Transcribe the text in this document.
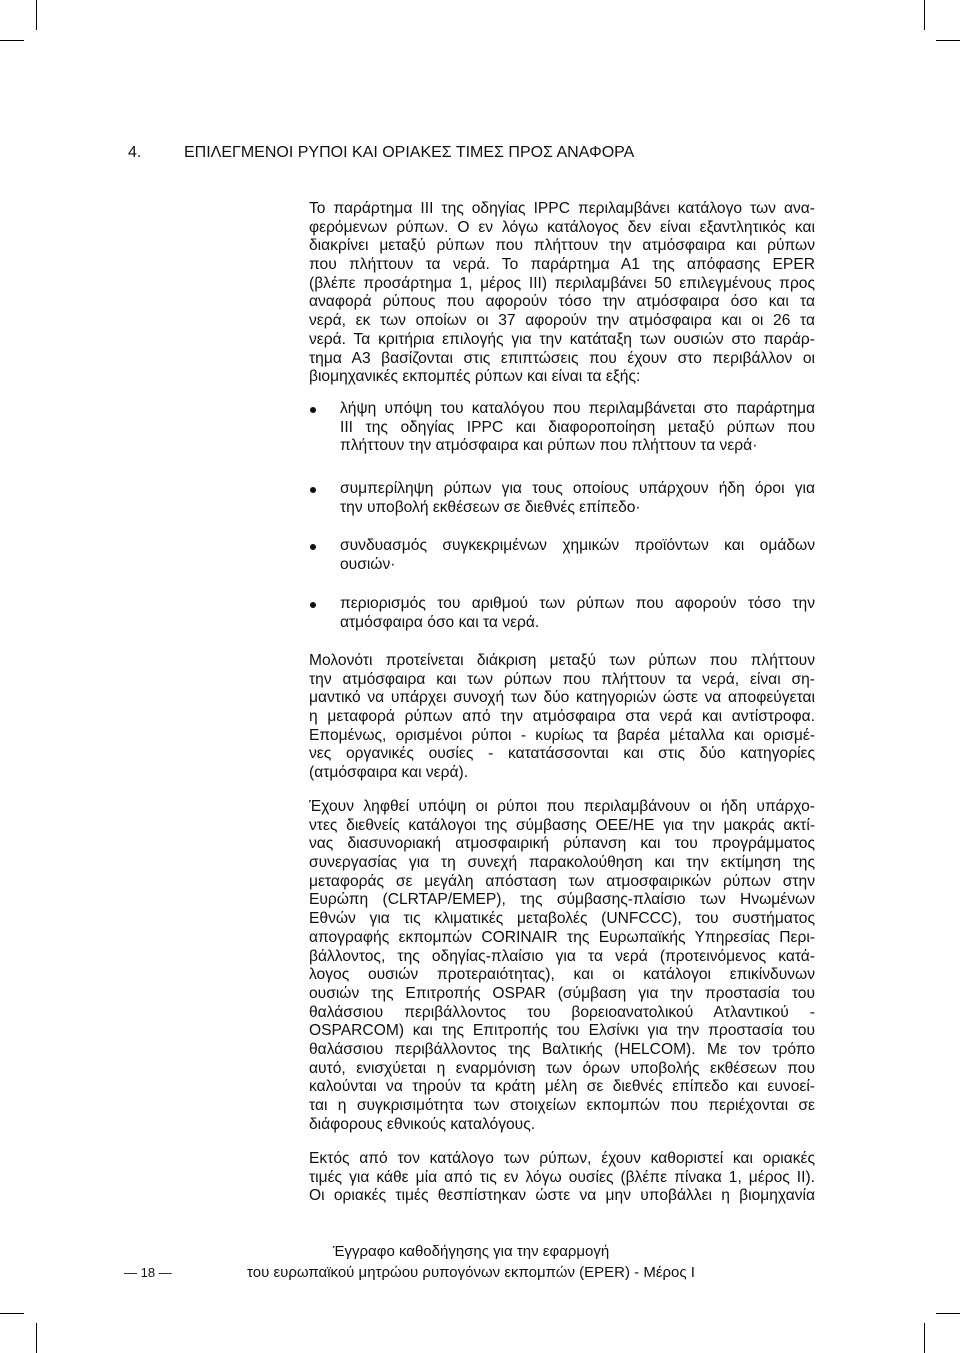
4.	ΕΠΙΛΕΓΜΕΝΟΙ ΡΥΠΟΙ ΚΑΙ ΟΡΙΑΚΕΣ ΤΙΜΕΣ ΠΡΟΣ ΑΝΑΦΟΡΑ
Το παράρτημα III της οδηγίας IPPC περιλαμβάνει κατάλογο των ανα-
φερόμενων ρύπων. Ο εν λόγω κατάλογος δεν είναι εξαντλητικός και
διακρίνει μεταξύ ρύπων που πλήττουν την ατμόσφαιρα και ρύπων
που πλήττουν τα νερά. Το παράρτημα Α1 της απόφασης EPER
(βλέπε προσάρτημα 1, μέρος III) περιλαμβάνει 50 επιλεγμένους προς
αναφορά ρύπους που αφορούν τόσο την ατμόσφαιρα όσο και τα
νερά, εκ των οποίων οι 37 αφορούν την ατμόσφαιρα και οι 26 τα
νερά. Τα κριτήρια επιλογής για την κατάταξη των ουσιών στο παράρ-
τημα Α3 βασίζονται στις επιπτώσεις που έχουν στο περιβάλλον οι
βιομηχανικές εκπομπές ρύπων και είναι τα εξής:
λήψη υπόψη του καταλόγου που περιλαμβάνεται στο παράρτημα
III της οδηγίας IPPC και διαφοροποίηση μεταξύ ρύπων που
πλήττουν την ατμόσφαιρα και ρύπων που πλήττουν τα νερά·
συμπερίληψη ρύπων για τους οποίους υπάρχουν ήδη όροι για
την υποβολή εκθέσεων σε διεθνές επίπεδο·
συνδυασμός συγκεκριμένων χημικών προϊόντων και ομάδων
ουσιών·
περιορισμός του αριθμού των ρύπων που αφορούν τόσο την
ατμόσφαιρα όσο και τα νερά.
Μολονότι προτείνεται διάκριση μεταξύ των ρύπων που πλήττουν
την ατμόσφαιρα και των ρύπων που πλήττουν τα νερά, είναι ση-
μαντικό να υπάρχει συνοχή των δύο κατηγοριών ώστε να αποφεύγεται
η μεταφορά ρύπων από την ατμόσφαιρα στα νερά και αντίστροφα.
Επομένως, ορισμένοι ρύποι - κυρίως τα βαρέα μέταλλα και ορισμέ-
νες οργανικές ουσίες - κατατάσσονται και στις δύο κατηγορίες
(ατμόσφαιρα και νερά).
Έχουν ληφθεί υπόψη οι ρύποι που περιλαμβάνουν οι ήδη υπάρχο-
ντες διεθνείς κατάλογοι της σύμβασης ΟΕΕ/ΗΕ για την μακράς ακτί-
νας διασυνοριακή ατμοσφαιρική ρύπανση και του προγράμματος
συνεργασίας για τη συνεχή παρακολούθηση και την εκτίμηση της
μεταφοράς σε μεγάλη απόσταση των ατμοσφαιρικών ρύπων στην
Ευρώπη (CLRTAP/EMEP), της σύμβασης-πλαίσιο των Ηνωμένων
Εθνών για τις κλιματικές μεταβολές (UNFCCC), του συστήματος
απογραφής εκπομπών CORINAIR της Ευρωπαϊκής Υπηρεσίας Περι-
βάλλοντος, της οδηγίας-πλαίσιο για τα νερά (προτεινόμενος κατά-
λογος ουσιών προτεραιότητας), και οι κατάλογοι επικίνδυνων
ουσιών της Επιτροπής OSPAR (σύμβαση για την προστασία του
θαλάσσιου περιβάλλοντος του βορειοανατολικού Ατλαντικού -
OSPARCOM) και της Επιτροπής του Ελσίνκι για την προστασία του
θαλάσσιου περιβάλλοντος της Βαλτικής (HELCOM). Με τον τρόπο
αυτό, ενισχύεται η εναρμόνιση των όρων υποβολής εκθέσεων που
καλούνται να τηρούν τα κράτη μέλη σε διεθνές επίπεδο και ευνοεί-
ται η συγκρισιμότητα των στοιχείων εκπομπών που περιέχονται σε
διάφορους εθνικούς καταλόγους.
Εκτός από τον κατάλογο των ρύπων, έχουν καθοριστεί και οριακές
τιμές για κάθε μία από τις εν λόγω ουσίες (βλέπε πίνακα 1, μέρος II).
Οι οριακές τιμές θεσπίστηκαν ώστε να μην υποβάλλει η βιομηχανία
— 18 —
Έγγραφο καθοδήγησης για την εφαρμογή
του ευρωπαϊκού μητρώου ρυπογόνων εκπομπών (EPER) - Μέρος I
